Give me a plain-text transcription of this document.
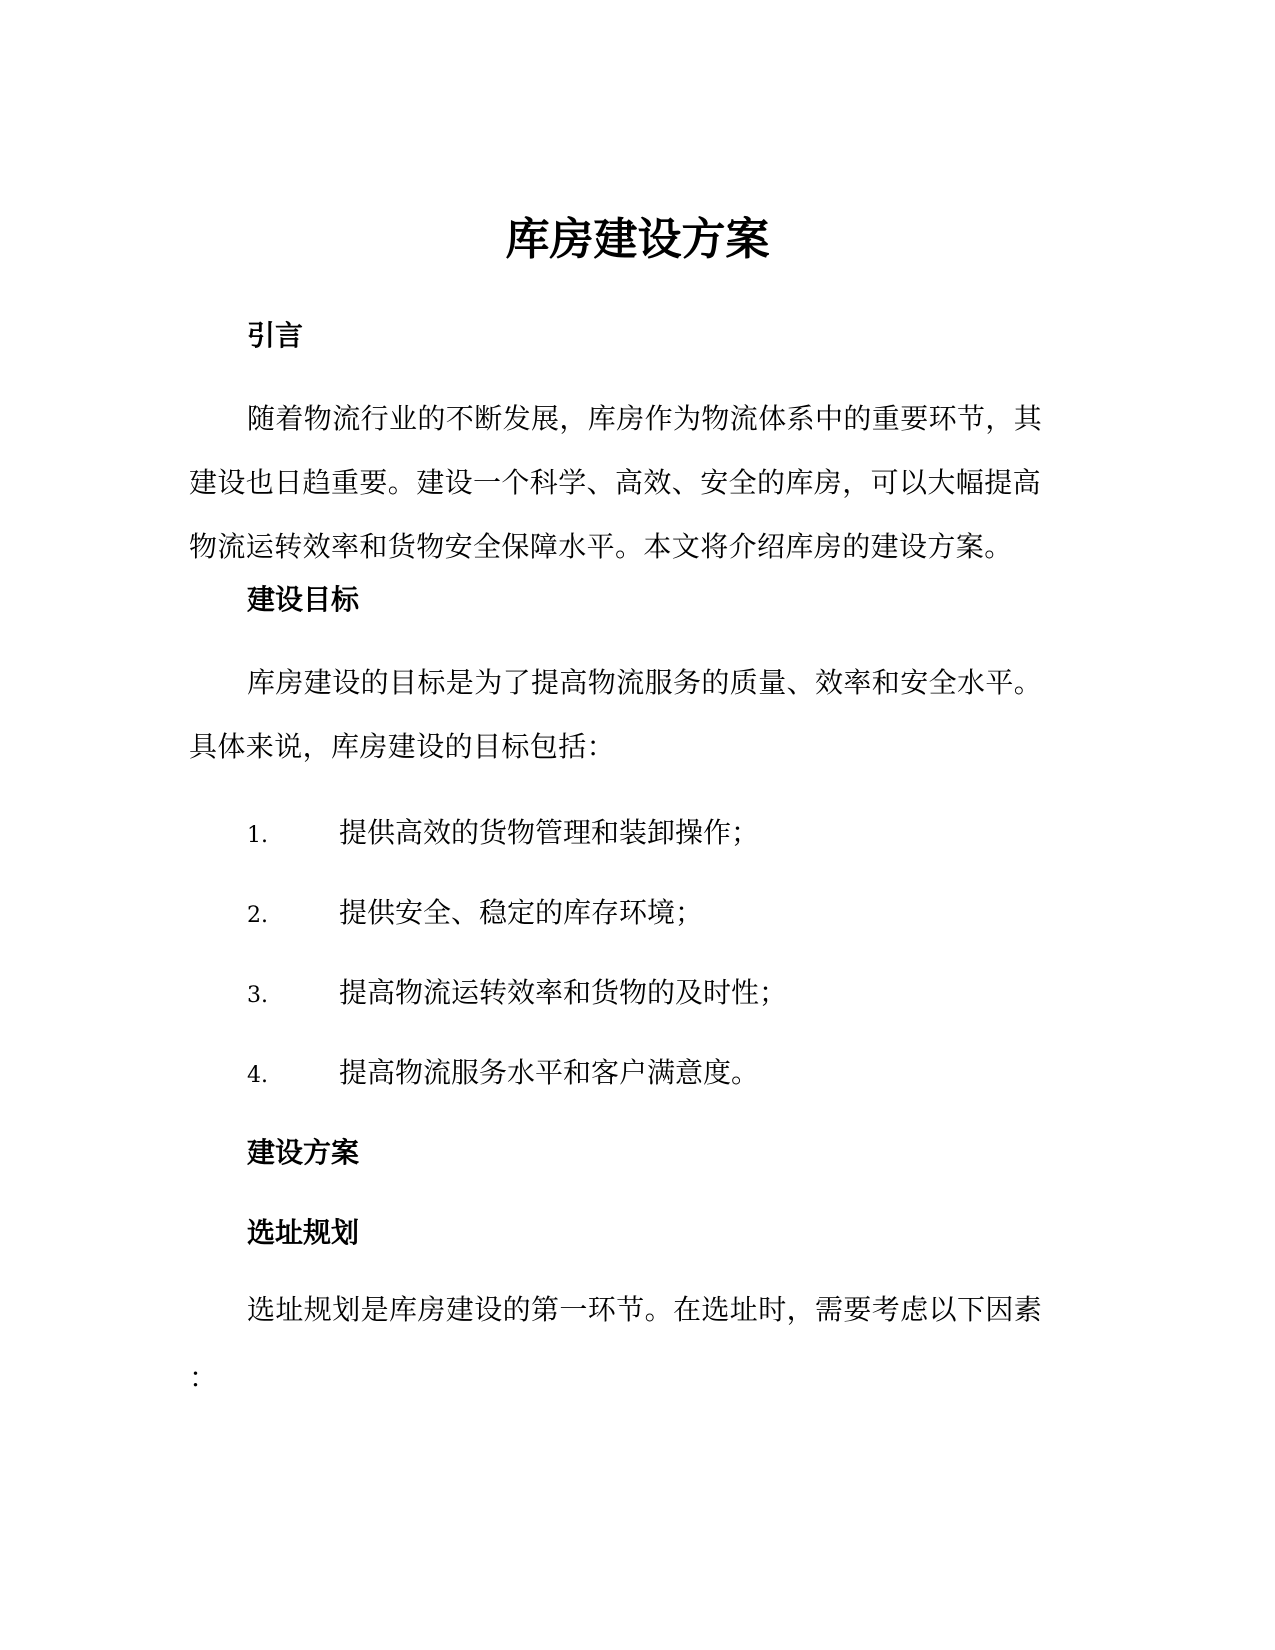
库房建设方案
引言

随着物流行业的不断发展，库房作为物流体系中的重要环节，其建设也日趋重要。建设一个科学、高效、安全的库房，可以大幅提高物流运转效率和货物安全保障水平。本文将介绍库房的建设方案。

建设目标

库房建设的目标是为了提高物流服务的质量、效率和安全水平。具体来说，库房建设的目标包括：

1.	提供高效的货物管理和装卸操作；
2.	提供安全、稳定的库存环境；
3.	提高物流运转效率和货物的及时性；
4.	提高物流服务水平和客户满意度。
建设方案
选址规划

选址规划是库房建设的第一环节。在选址时，需要考虑以下因素

：
